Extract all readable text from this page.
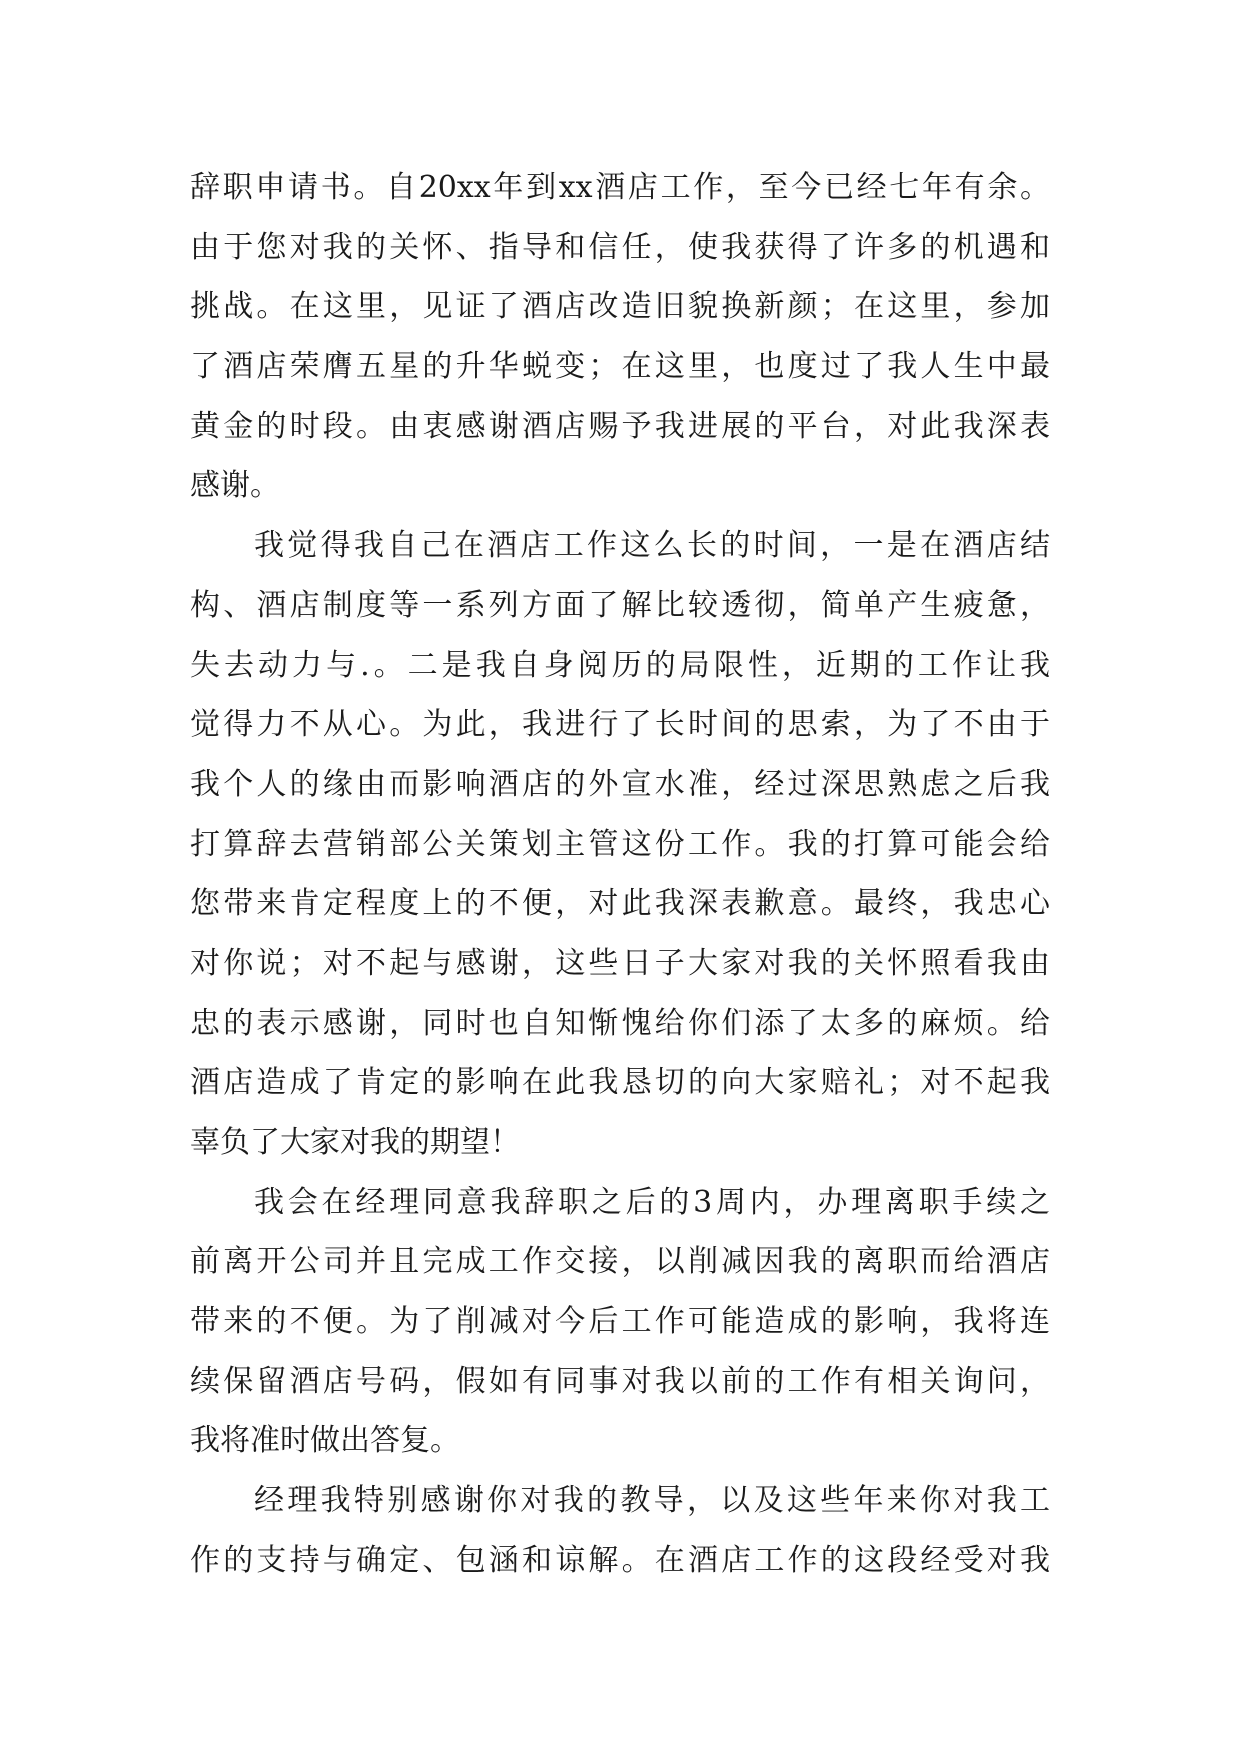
辞职申请书。自20xx年到xx酒店工作，至今已经七年有余。
由于您对我的关怀、指导和信任，使我获得了许多的机遇和
挑战。在这里，见证了酒店改造旧貌换新颜；在这里，参加
了酒店荣膺五星的升华蜕变；在这里，也度过了我人生中最
黄金的时段。由衷感谢酒店赐予我进展的平台，对此我深表
感谢。
我觉得我自己在酒店工作这么长的时间，一是在酒店结
构、酒店制度等一系列方面了解比较透彻，简单产生疲惫，
失去动力与.。二是我自身阅历的局限性，近期的工作让我
觉得力不从心。为此，我进行了长时间的思索，为了不由于
我个人的缘由而影响酒店的外宣水准，经过深思熟虑之后我
打算辞去营销部公关策划主管这份工作。我的打算可能会给
您带来肯定程度上的不便，对此我深表歉意。最终，我忠心
对你说；对不起与感谢，这些日子大家对我的关怀照看我由
忠的表示感谢，同时也自知惭愧给你们添了太多的麻烦。给
酒店造成了肯定的影响在此我恳切的向大家赔礼；对不起我
辜负了大家对我的期望！
我会在经理同意我辞职之后的3周内，办理离职手续之
前离开公司并且完成工作交接，以削减因我的离职而给酒店
带来的不便。为了削减对今后工作可能造成的影响，我将连
续保留酒店号码，假如有同事对我以前的工作有相关询问，
我将准时做出答复。
经理我特别感谢你对我的教导，以及这些年来你对我工
作的支持与确定、包涵和谅解。在酒店工作的这段经受对我
